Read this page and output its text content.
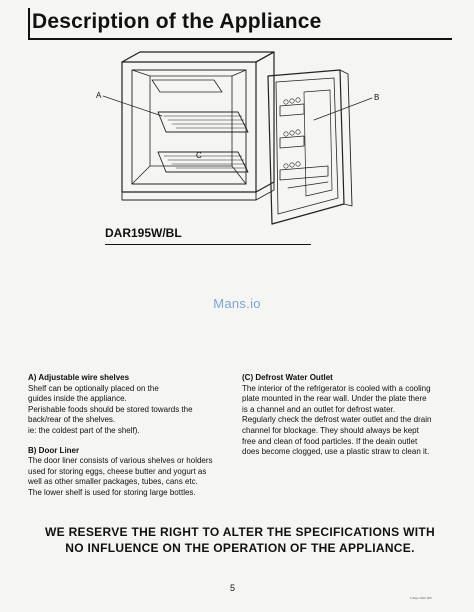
Description of the Appliance
A
C
B
DAR195W/BL
Mans.io

A) Adjustable wire shelves

Shelf can be optionally placed on the

guides inside the appliance.

Perishable foods should be stored towards the

back/rear of the shelves.

ie: the coldest part of the shelf).

B) Door Liner

The door liner consists of various shelves or holders

used for storing eggs, cheese butter and yogurt as

well as other smaller packages, tubes, cans etc.

The lower shelf is used for storing large bottles.

(C) Defrost Water Outlet

The interior of the refrigerator is cooled with a cooling

plate mounted in the rear wall. Under the plate there

is a channel and an outlet for defrost water.

Regularly check the defrost water outlet and the drain

channel for blockage. They should always be kept

free and clean of food particles. If the deain outlet

does become clogged, use a plastic straw to clean it.

WE RESERVE THE RIGHT TO ALTER THE SPECIFICATIONS WITH
NO INFLUENCE ON THE OPERATION OF THE APPLIANCE.
5
Fridge.1002.005
